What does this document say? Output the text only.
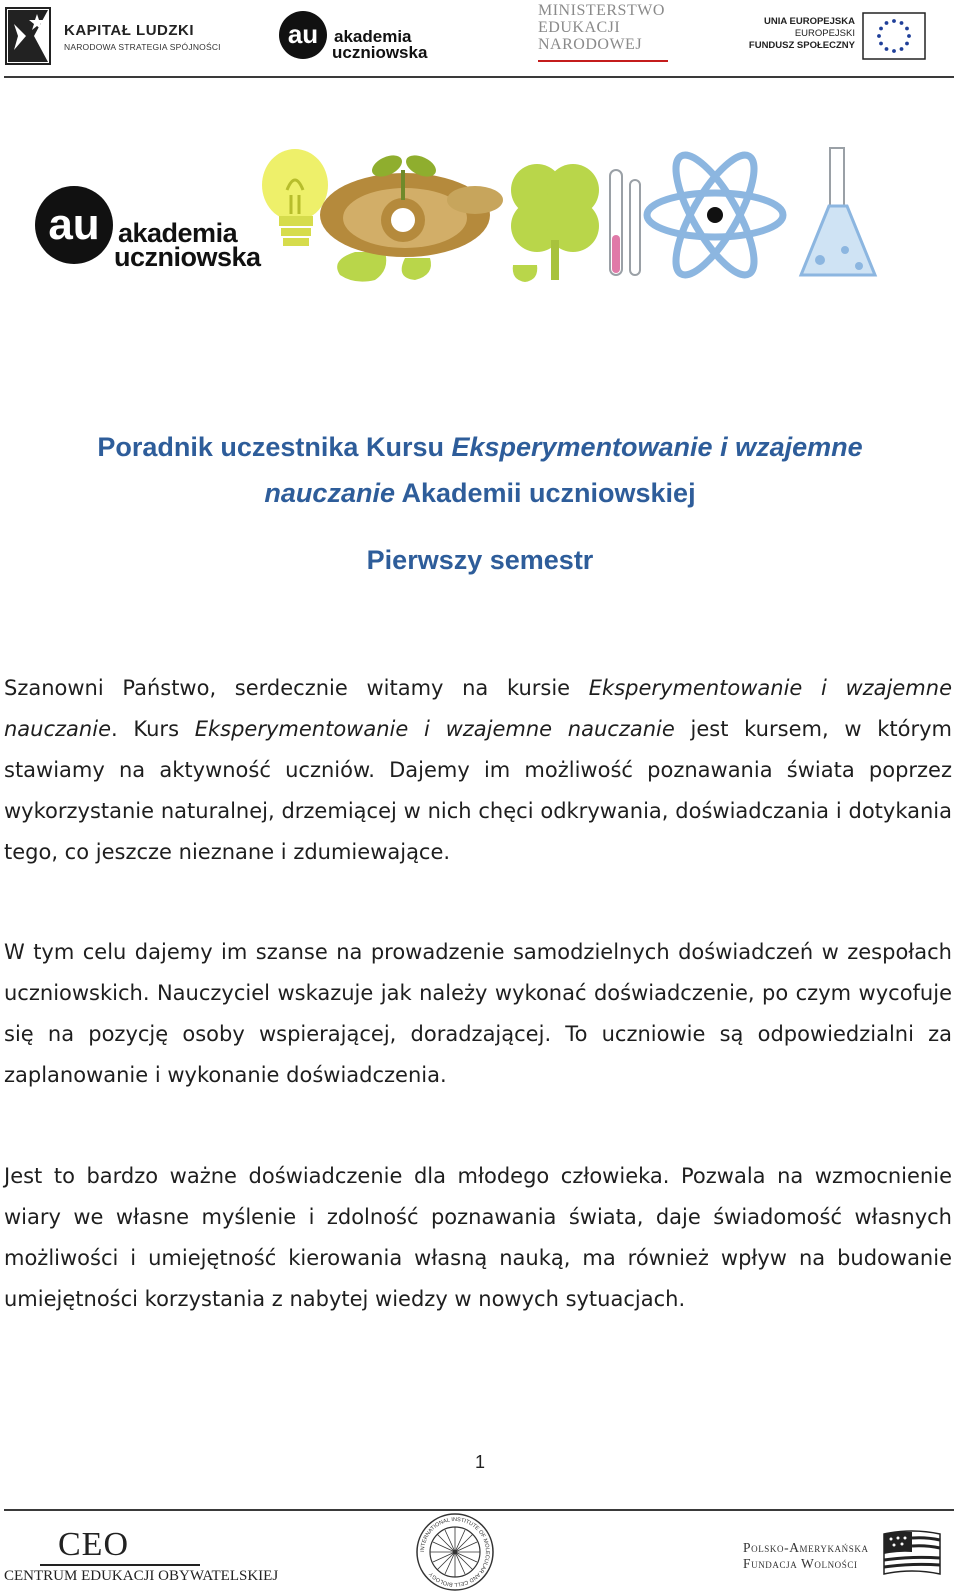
KAPITAŁ LUDZKI
NARODOWA STRATEGIA SPÓJNOŚCI	au akademia
uczniowska
MINISTERSTWO
EDUKACJI
NARODOWEJ
UNIA EUROPEJSKA
EUROPEJSKI
FUNDUSZ SPOŁECZNY
au akademia
uczniowska
Poradnik uczestnika Kursu Eksperymentowanie i wzajemne
nauczanie Akademii uczniowskiej
Pierwszy semestr

Szanowni Państwo, serdecznie witamy na kursie Eksperymentowanie i wzajemne nauczanie. Kurs Eksperymentowanie i wzajemne nauczanie jest kursem, w którym stawiamy na aktywność uczniów. Dajemy im możliwość poznawania świata poprzez wykorzystanie naturalnej, drzemiącej w nich chęci odkrywania, doświadczania i dotykania tego, co jeszcze nieznane i zdumiewające.

W tym celu dajemy im szanse na prowadzenie samodzielnych doświadczeń w zespołach uczniowskich. Nauczyciel wskazuje jak należy wykonać doświadczenie, po czym wycofuje się na pozycję osoby wspierającej, doradzającej. To uczniowie są odpowiedzialni za zaplanowanie i wykonanie doświadczenia.

Jest to bardzo ważne doświadczenie dla młodego człowieka. Pozwala na wzmocnienie wiary we własne myślenie i zdolność poznawania świata, daje świadomość własnych możliwości i umiejętność kierowania własną nauką, ma również wpływ na budowanie umiejętności korzystania z nabytej wiedzy w nowych sytuacjach.

1
CEO
CENTRUM EDUKACJI OBYWATELSKIEJ
INTERNATIONAL INSTITUTE OF MOLECULAR AND CELL BIOLOGY
Polsko-Amerykańska
Fundacja Wolności
